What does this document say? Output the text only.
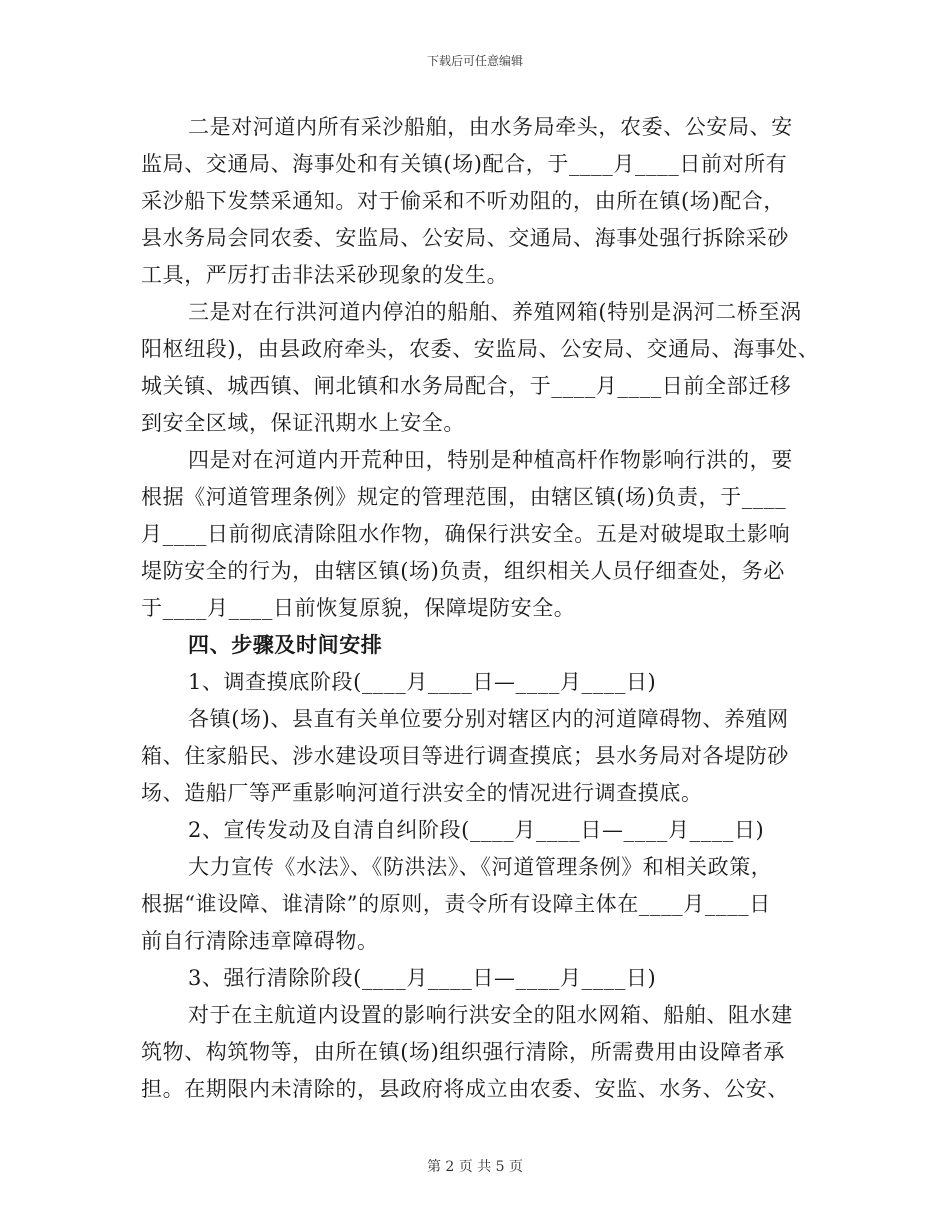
下载后可任意编辑
二是对河道内所有采沙船舶，由水务局牵头，农委、公安局、安
监局、交通局、海事处和有关镇(场)配合，于____月____日前对所有
采沙船下发禁采通知。对于偷采和不听劝阻的，由所在镇(场)配合，
县水务局会同农委、安监局、公安局、交通局、海事处强行拆除采砂
工具，严厉打击非法采砂现象的发生。
三是对在行洪河道内停泊的船舶、养殖网箱(特别是涡河二桥至涡
阳枢纽段)，由县政府牵头，农委、安监局、公安局、交通局、海事处、
城关镇、城西镇、闸北镇和水务局配合，于____月____日前全部迁移
到安全区域，保证汛期水上安全。
四是对在河道内开荒种田，特别是种植高杆作物影响行洪的，要
根据《河道管理条例》规定的管理范围，由辖区镇(场)负责，于____
月____日前彻底清除阻水作物，确保行洪安全。五是对破堤取土影响
堤防安全的行为，由辖区镇(场)负责，组织相关人员仔细查处，务必
于____月____日前恢复原貌，保障堤防安全。
四、步骤及时间安排
1、调查摸底阶段(____月____日—____月____日)
各镇(场)、县直有关单位要分别对辖区内的河道障碍物、养殖网
箱、住家船民、涉水建设项目等进行调查摸底；县水务局对各堤防砂
场、造船厂等严重影响河道行洪安全的情况进行调查摸底。
2、宣传发动及自清自纠阶段(____月____日—____月____日)
大力宣传《水法》、《防洪法》、《河道管理条例》和相关政策，
根据“谁设障、谁清除”的原则，责令所有设障主体在____月____日
前自行清除违章障碍物。
3、强行清除阶段(____月____日—____月____日)
对于在主航道内设置的影响行洪安全的阻水网箱、船舶、阻水建
筑物、构筑物等，由所在镇(场)组织强行清除，所需费用由设障者承
担。在期限内未清除的，县政府将成立由农委、安监、水务、公安、
第 2 页 共 5 页
